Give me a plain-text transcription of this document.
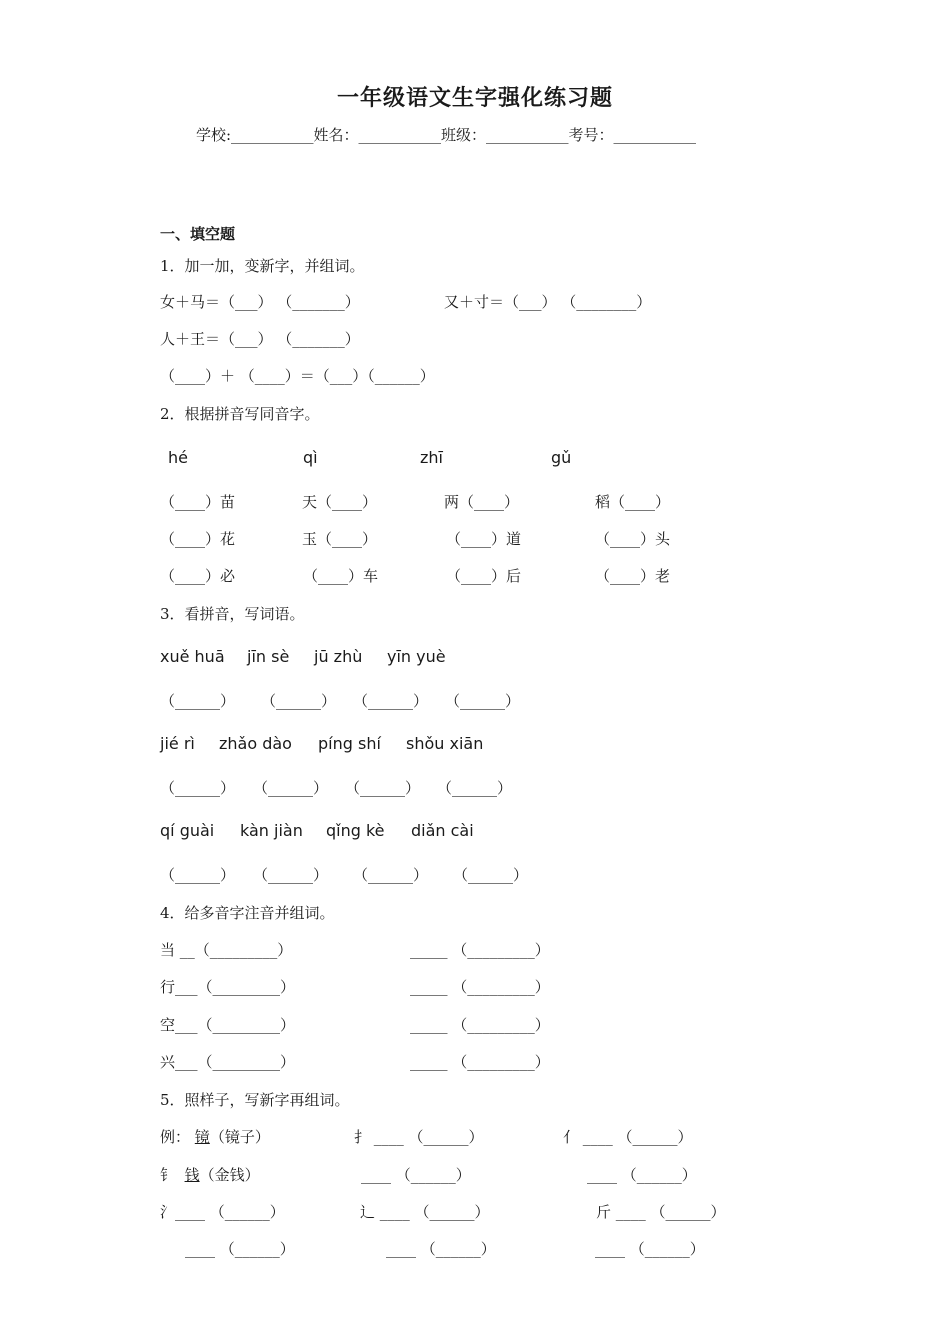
一年级语文生字强化练习题
学校:___________姓名：___________班级：___________考号：___________
一、填空题
1．加一加，变新字，并组词。
女＋马＝（___） （_______）	又＋寸＝（___） （________）
人＋王＝（___） （_______）
（____）＋ （____）＝（___）（______）
2．根据拼音写同音字。
hé	qì	zhī	gǔ
（____）苗	天（____）	两（____）	稻（____）
（____）花	玉（____）	（____）道	（____）头
（____）必	（____）车	（____）后	（____）老
3．看拼音，写词语。
xuě huā jīn sè jū zhù yīn yuè
（______） （______） （______） （______）
jié rì zhǎo dào píng shí shǒu xiān
（______） （______） （______） （______）
qí guài kàn jiàn qǐng kè diǎn cài
（______） （______） （______） （______）
4．给多音字注音并组词。
当 __（_________）	_____ （_________）
行___（_________）	_____ （_________）
空___（_________）	_____ （_________）
兴___（_________）	_____ （_________）
5．照样子，写新字再组词。
例： 镜（镜子）	扌 ____ （______）	亻 ____ （______）
钅 钱（金钱）	____ （______）	____ （______）
氵____ （______）	辶 ____ （______）	斤 ____ （______）
____ （______）	____ （______）	____ （______）
